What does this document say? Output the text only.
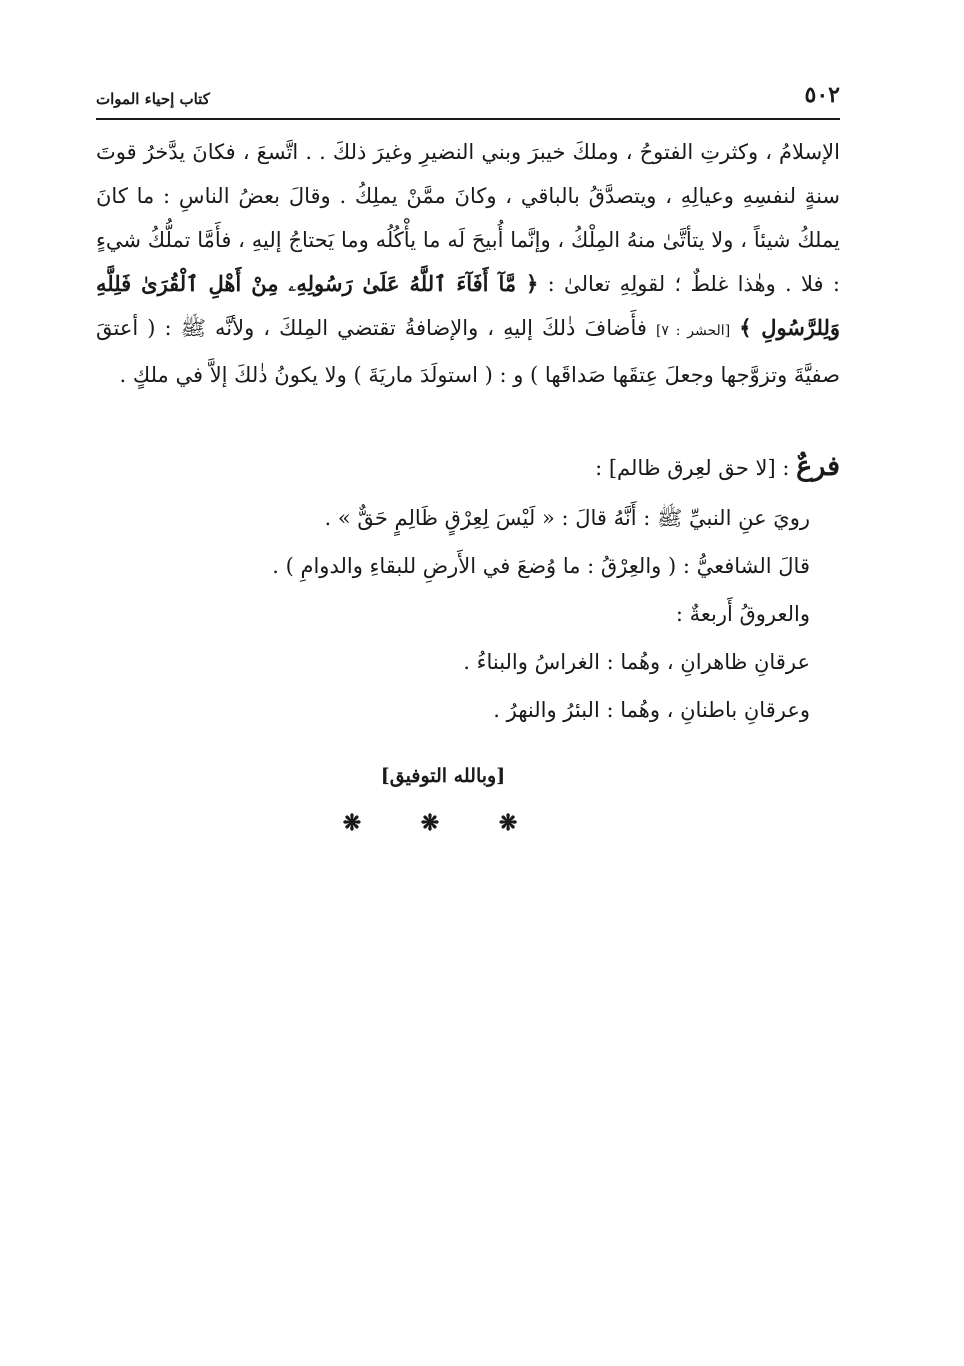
٥٠٢
كتاب إحياء الموات

الإسلامُ ، وكثرتِ الفتوحُ ، وملكَ خيبرَ وبني النضيرِ وغيرَ ذلكَ . . اتَّسعَ ، فكانَ يدَّخرُ قوتَ سنةٍ لنفسِهِ وعيالِهِ ، ويتصدَّقُ بالباقي ، وكانَ ممَّنْ يملِكُ . وقالَ بعضُ الناسِ : ما كانَ يملكُ شيئاً ، ولا يتأتَّىٰ منهُ المِلْكُ ، وإنَّما أُبيحَ لَه ما يأْكُلُه وما يَحتاجُ إليهِ ، فأَمَّا تملُّكُ شيءٍ : فلا . وهٰذا غلطٌ ؛ لقولِهِ تعالىٰ : ﴿ مَّآ أَفَآءَ ٱللَّهُ عَلَىٰ رَسُولِهِۦ مِنْ أَهْلِ ٱلْقُرَىٰ فَلِلَّهِ وَلِلرَّسُولِ ﴾ [الحشر : ٧] فأَضافَ ذٰلكَ إليهِ ، والإضافةُ تقتضي المِلكَ ، ولأنَّه ﷺ : ( أعتقَ صفيَّةَ وتزوَّجها وجعلَ عِتقَها صَداقَها ) و : ( استولَدَ ماريَةَ ) ولا يكونُ ذٰلكَ إلاَّ في ملكٍ .

فرعٌ : [لا حق لعِرق ظالم] :

رويَ عنِ النبيِّ ﷺ : أَنَّهُ قالَ : « لَيْسَ لِعِرْقٍ ظَالِمٍ حَقٌّ » .
قالَ الشافعيُّ : ( والعِرْقُ : ما وُضعَ في الأَرضِ للبقاءِ والدوامِ ) .
والعروقُ أَربعةٌ :
عرقانِ ظاهرانِ ، وهُما : الغراسُ والبناءُ .
وعرقانِ باطنانِ ، وهُما : البئرُ والنهرُ .
[وبالله التوفيق]
❋ ❋ ❋
